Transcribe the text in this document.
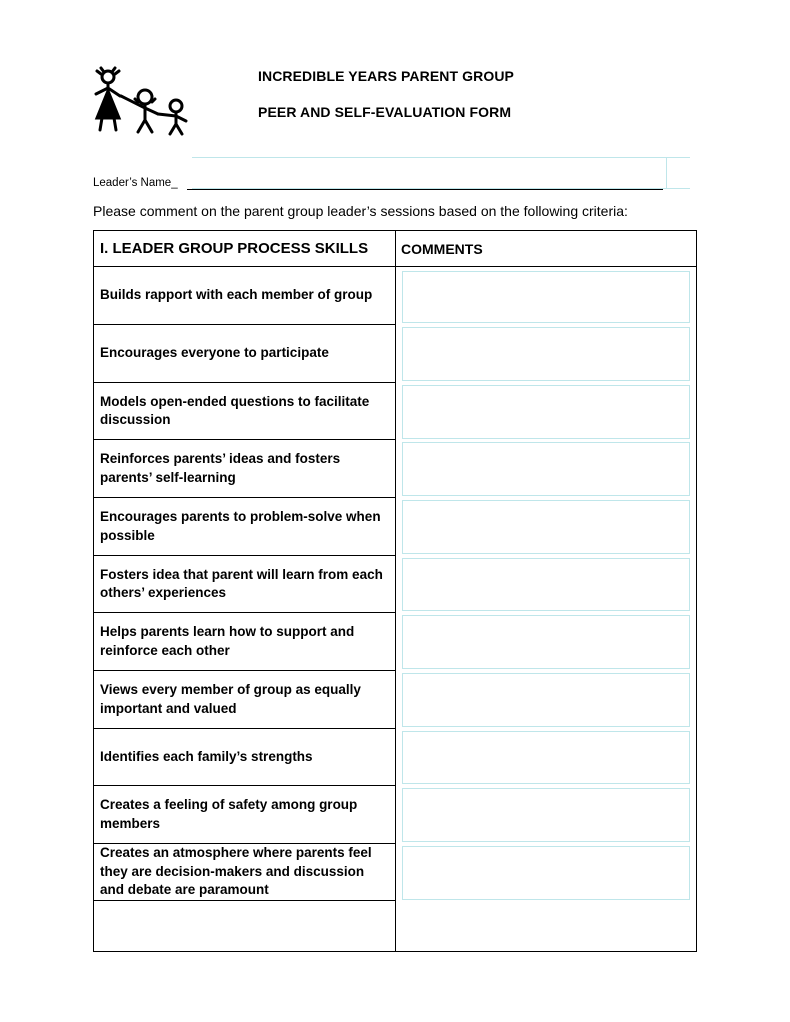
INCREDIBLE YEARS PARENT GROUP
PEER AND SELF-EVALUATION FORM
Leader’s Name_
Please comment on the parent group leader’s sessions based on the following criteria:
I. LEADER GROUP PROCESS SKILLS	COMMENTS
Builds rapport with each member of group
Encourages everyone to participate
Models open-ended questions to facilitate discussion
Reinforces parents’ ideas and fosters parents’ self-learning
Encourages parents to problem-solve when possible
Fosters idea that parent will learn from each others’ experiences
Helps parents learn how to support and reinforce each other
Views every member of group as equally important and valued
Identifies each family’s strengths
Creates a feeling of safety among group members
Creates an atmosphere where parents feel they are decision-makers and discussion and debate are paramount
